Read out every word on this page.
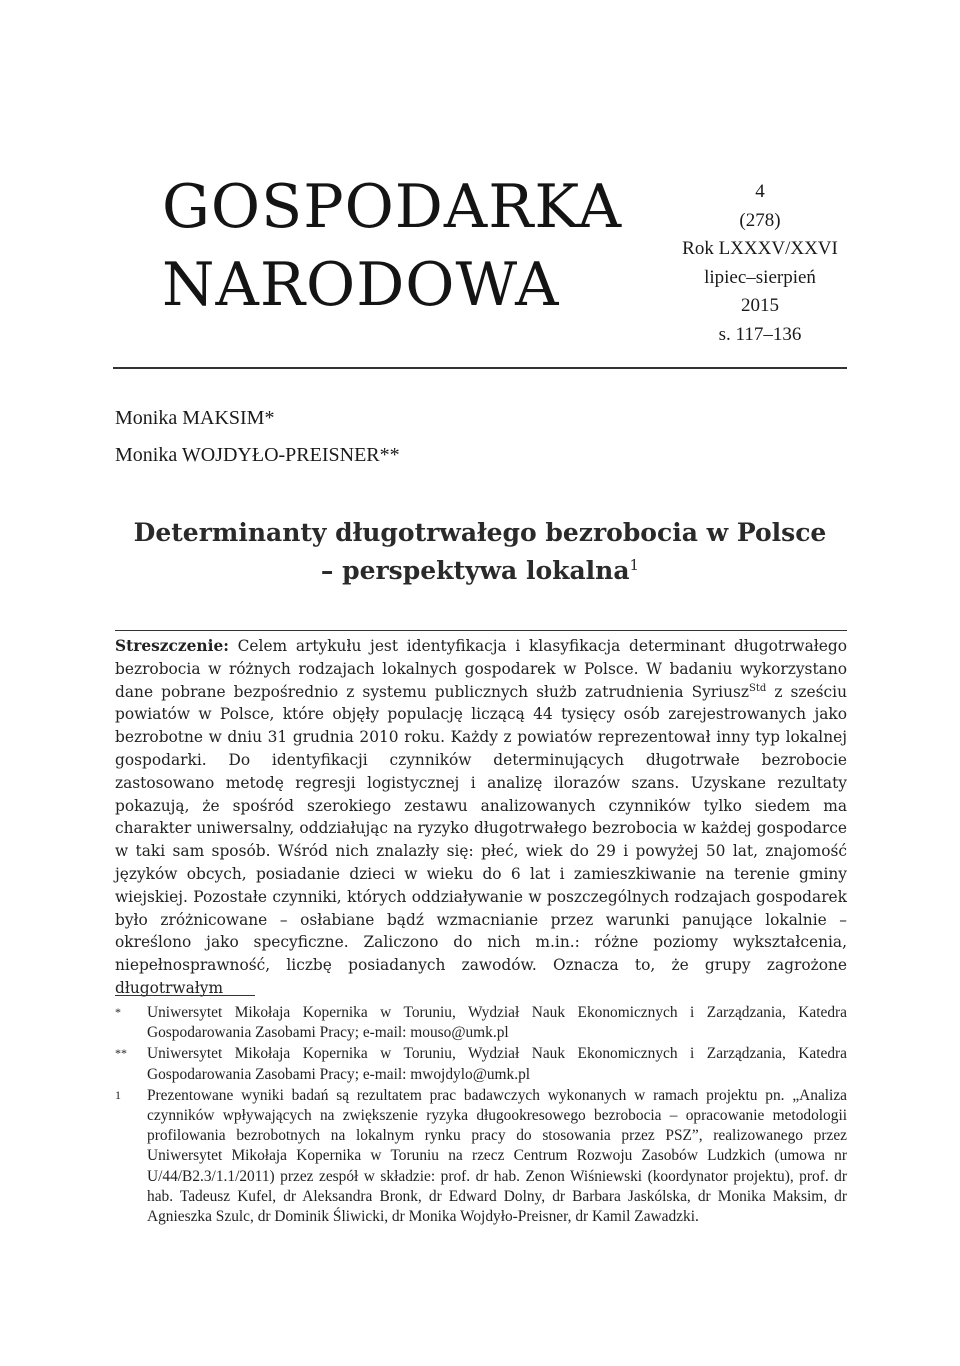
GOSPODARKA
NARODOWA
4
(278)
Rok LXXXV/XXVI
lipiec–sierpień
2015
s. 117–136
Monika MAKSIM*
Monika WOJDYŁO-PREISNER**
Determinanty długotrwałego bezrobocia w Polsce
– perspektywa lokalna$^1$
Streszczenie: Celem artykułu jest identyfikacja i klasyfikacja determinant długotrwałego bezrobocia w różnych rodzajach lokalnych gospodarek w Polsce. W badaniu wykorzystano dane pobrane bezpośrednio z systemu publicznych służb zatrudnienia Syriusz$^{Std}$ z sześciu powiatów w Polsce, które objęły populację liczącą 44 tysięcy osób zarejestrowanych jako bezrobotne w dniu 31 grudnia 2010 roku. Każdy z powiatów reprezentował inny typ lokalnej gospodarki. Do identyfikacji czynników determinujących długotrwałe bezrobocie zastosowano metodę regresji logistycznej i analizę ilorazów szans. Uzyskane rezultaty pokazują, że spośród szerokiego zestawu analizowanych czynników tylko siedem ma charakter uniwersalny, oddziałując na ryzyko długotrwałego bezrobocia w każdej gospodarce w taki sam sposób. Wśród nich znalazły się: płeć, wiek do 29 i powyżej 50 lat, znajomość języków obcych, posiadanie dzieci w wieku do 6 lat i zamieszkiwanie na terenie gminy wiejskiej. Pozostałe czynniki, których oddziaływanie w poszczególnych rodzajach gospodarek było zróżnicowane – osłabiane bądź wzmacnianie przez warunki panujące lokalnie – określono jako specyficzne. Zaliczono do nich m.in.: różne poziomy wykształcenia, niepełnosprawność, liczbę posiadanych zawodów. Oznacza to, że grupy zagrożone długotrwałym
*	Uniwersytet Mikołaja Kopernika w Toruniu, Wydział Nauk Ekonomicznych i Zarządzania, Katedra Gospodarowania Zasobami Pracy; e-mail: mouso@umk.pl
**	Uniwersytet Mikołaja Kopernika w Toruniu, Wydział Nauk Ekonomicznych i Zarządzania, Katedra Gospodarowania Zasobami Pracy; e-mail: mwojdylo@umk.pl
1	Prezentowane wyniki badań są rezultatem prac badawczych wykonanych w ramach projektu pn. „Analiza czynników wpływających na zwiększenie ryzyka długookresowego bezrobocia – opracowanie metodologii profilowania bezrobotnych na lokalnym rynku pracy do stosowania przez PSZ”, realizowanego przez Uniwersytet Mikołaja Kopernika w Toruniu na rzecz Centrum Rozwoju Zasobów Ludzkich (umowa nr U/44/B2.3/1.1/2011) przez zespół w składzie: prof. dr hab. Zenon Wiśniewski (koordynator projektu), prof. dr hab. Tadeusz Kufel, dr Aleksandra Bronk, dr Edward Dolny, dr Barbara Jaskólska, dr Monika Maksim, dr Agnieszka Szulc, dr Dominik Śliwicki, dr Monika Wojdyło-Preisner, dr Kamil Zawadzki.
